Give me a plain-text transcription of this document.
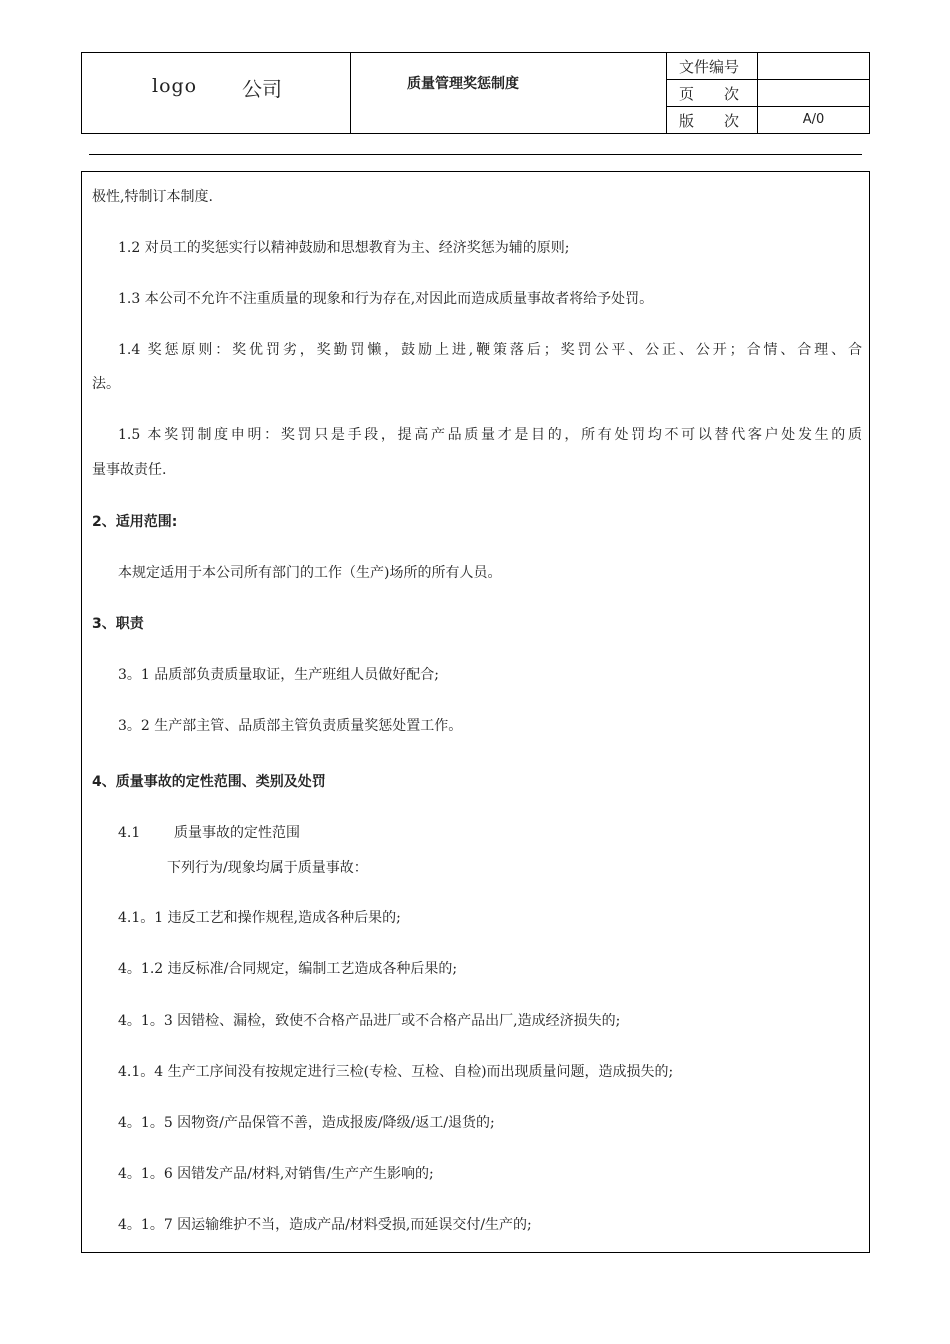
logo 公司	质量管理奖惩制度
文件编号
页　　次
版　　次	A/0
极性,特制订本制度.
1.2 对员工的奖惩实行以精神鼓励和思想教育为主、经济奖惩为辅的原则;
1.3 本公司不允许不注重质量的现象和行为存在,对因此而造成质量事故者将给予处罚。
1.4 奖惩原则：奖优罚劣，奖勤罚懒，鼓励上进,鞭策落后；奖罚公平、公正、公开；合情、合理、合
法。
1.5 本奖罚制度申明：奖罚只是手段，提高产品质量才是目的，所有处罚均不可以替代客户处发生的质
量事故责任.
2、适用范围:
本规定适用于本公司所有部门的工作（生产)场所的所有人员。
3、职责
3。1 品质部负责质量取证，生产班组人员做好配合;
3。2 生产部主管、品质部主管负责质量奖惩处置工作。
4、质量事故的定性范围、类别及处罚
4.1 质量事故的定性范围
下列行为/现象均属于质量事故：
4.1。1 违反工艺和操作规程,造成各种后果的;
4。1.2 违反标准/合同规定，编制工艺造成各种后果的;
4。1。3 因错检、漏检，致使不合格产品进厂或不合格产品出厂,造成经济损失的;
4.1。4 生产工序间没有按规定进行三检(专检、互检、自检)而出现质量问题，造成损失的;
4。1。5 因物资/产品保管不善，造成报废/降级/返工/退货的;
4。1。6 因错发产品/材料,对销售/生产产生影响的;
4。1。7 因运输维护不当，造成产品/材料受损,而延误交付/生产的;
